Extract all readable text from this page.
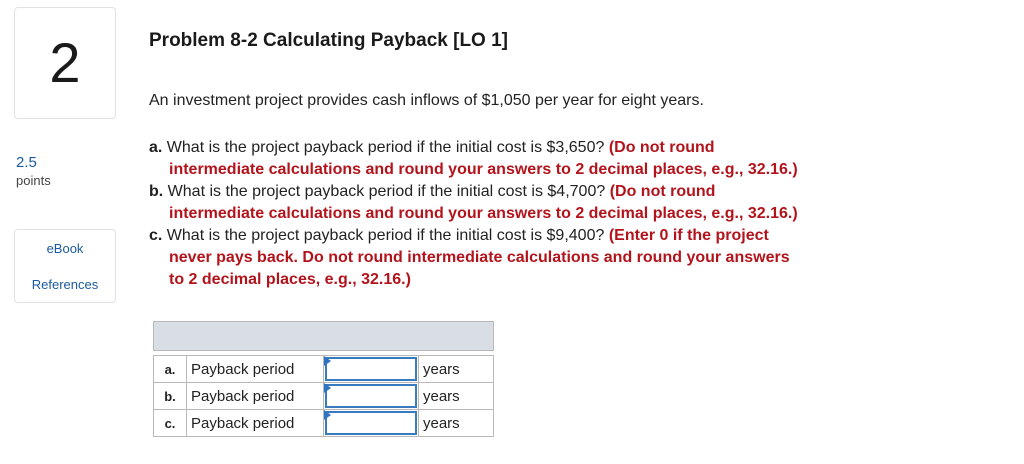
2
2.5
points
eBook
References
Problem 8-2 Calculating Payback [LO 1]
An investment project provides cash inflows of $1,050 per year for eight years.
a. What is the project payback period if the initial cost is $3,650? (Do not round
intermediate calculations and round your answers to 2 decimal places, e.g., 32.16.)
b. What is the project payback period if the initial cost is $4,700? (Do not round
intermediate calculations and round your answers to 2 decimal places, e.g., 32.16.)
c. What is the project payback period if the initial cost is $9,400? (Enter 0 if the project
never pays back. Do not round intermediate calculations and round your answers
to 2 decimal places, e.g., 32.16.)

a.	Payback period		years
b.	Payback period		years
c.	Payback period		years
